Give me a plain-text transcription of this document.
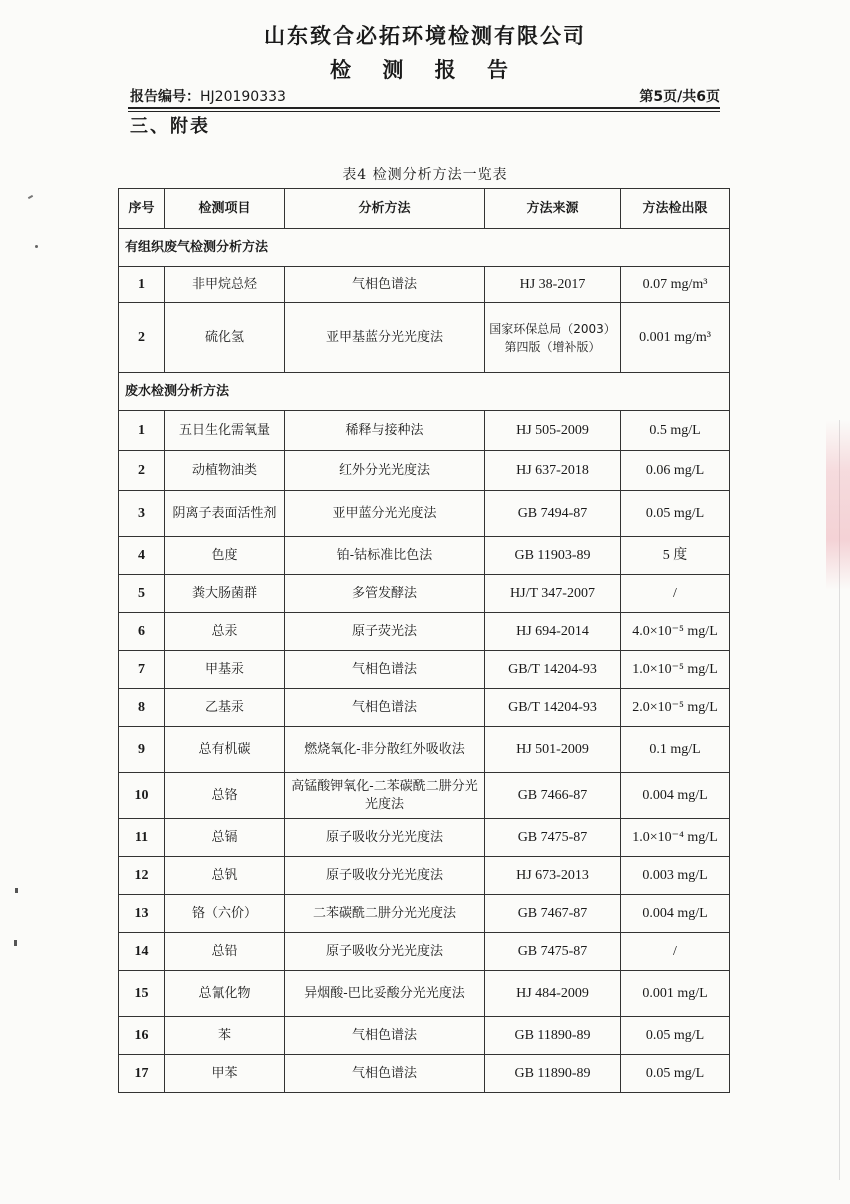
山东致合必拓环境检测有限公司
检 测 报 告
报告编号：HJ20190333	第5页/共6页
三、附表
表4 检测分析方法一览表
序号	检测项目	分析方法	方法来源	方法检出限
有组织废气检测分析方法				
1	非甲烷总烃	气相色谱法	HJ 38-2017	0.07 mg/m³
2	硫化氢	亚甲基蓝分光光度法	国家环保总局（2003）第四版（增补版）	0.001 mg/m³
废水检测分析方法				
1	五日生化需氧量	稀释与接种法	HJ 505-2009	0.5 mg/L
2	动植物油类	红外分光光度法	HJ 637-2018	0.06 mg/L
3	阴离子表面活性剂	亚甲蓝分光光度法	GB 7494-87	0.05 mg/L
4	色度	铂-钴标准比色法	GB 11903-89	5 度
5	粪大肠菌群	多管发酵法	HJ/T 347-2007	/
6	总汞	原子荧光法	HJ 694-2014	4.0×10⁻⁵ mg/L
7	甲基汞	气相色谱法	GB/T 14204-93	1.0×10⁻⁵ mg/L
8	乙基汞	气相色谱法	GB/T 14204-93	2.0×10⁻⁵ mg/L
9	总有机碳	燃烧氧化-非分散红外吸收法	HJ 501-2009	0.1 mg/L
10	总铬	高锰酸钾氧化-二苯碳酰二肼分光光度法	GB 7466-87	0.004 mg/L
11	总镉	原子吸收分光光度法	GB 7475-87	1.0×10⁻⁴ mg/L
12	总钒	原子吸收分光光度法	HJ 673-2013	0.003 mg/L
13	铬（六价）	二苯碳酰二肼分光光度法	GB 7467-87	0.004 mg/L
14	总铅	原子吸收分光光度法	GB 7475-87	/
15	总氰化物	异烟酸-巴比妥酸分光光度法	HJ 484-2009	0.001 mg/L
16	苯	气相色谱法	GB 11890-89	0.05 mg/L
17	甲苯	气相色谱法	GB 11890-89	0.05 mg/L
